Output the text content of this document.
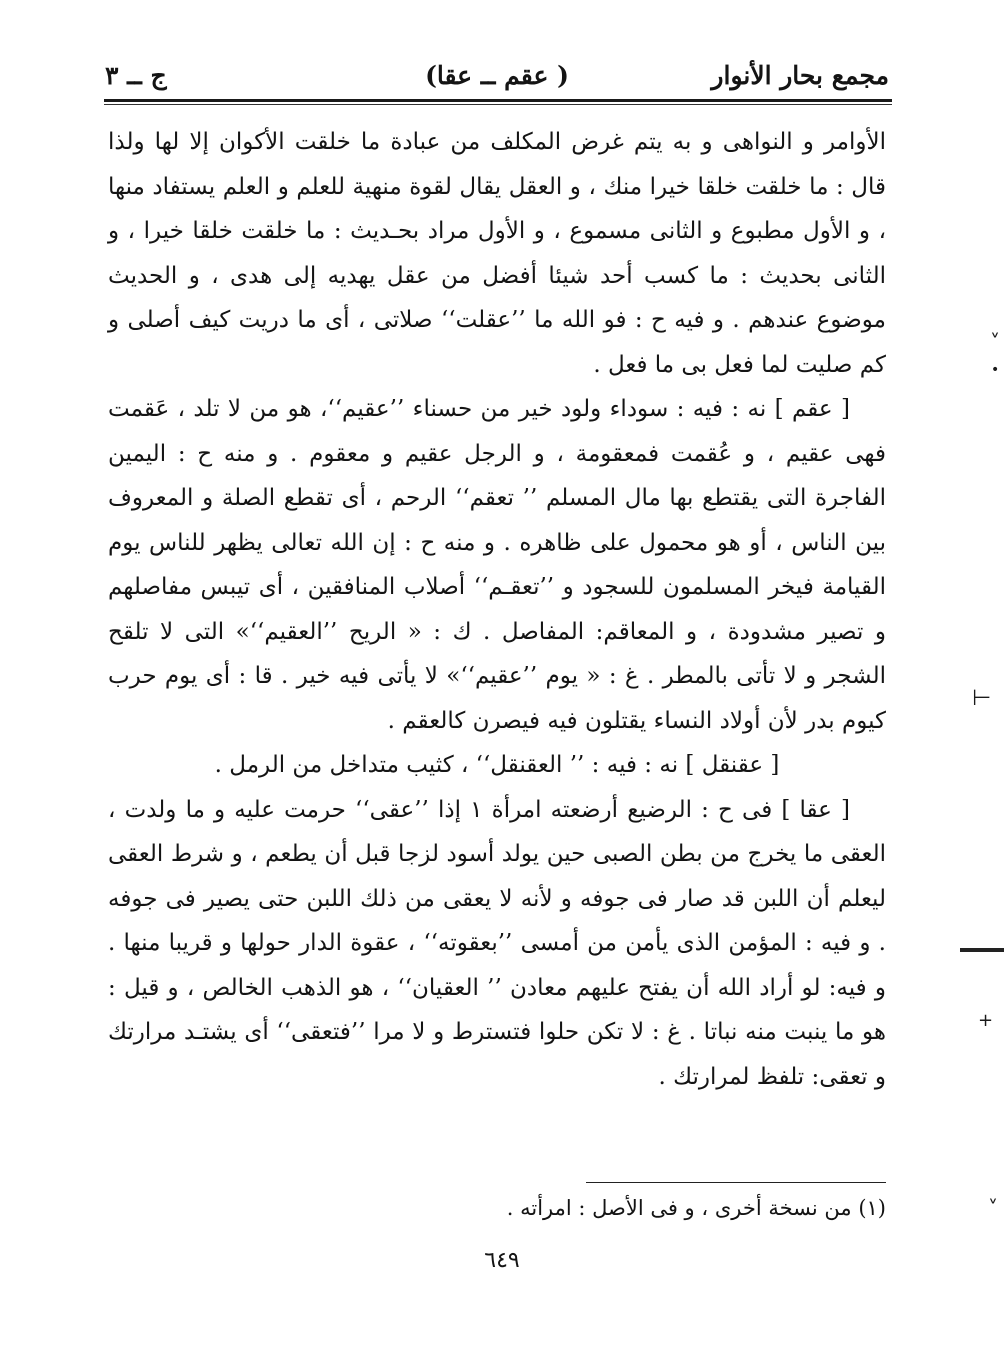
مجمع بحار الأنوار
( عقم ــ عقا)
ج ــ ٣

الأوامر و النواهى و به يتم غرض المكلف من عبادة ما خلقت الأكوان إلا لها ولذا قال : ما خلقت خلقا خيرا منك ، و العقل يقال لقوة منهية للعلم و العلم يستفاد منها ، و الأول مطبوع و الثانى مسموع ، و الأول مراد بحـديث : ما خلقت خلقا خيرا ، و الثانى بحديث : ما كسب أحد شيئا أفضل من عقل يهديه إلى هدى ، و الحديث موضوع عندهم . و فيه ح : فو الله ما ’’عقلت‘‘ صلاتى ، أى ما دريت كيف أصلى و كم صليت لما فعل بى ما فعل .

[ عقم ] نه : فيه : سوداء ولود خير من حسناء ’’عقيم‘‘، هو من لا تلد ، عَقمت فهى عقيم ، و عُقمت فمعقومة ، و الرجل عقيم و معقوم . و منه ح : اليمين الفاجرة التى يقتطع بها مال المسلم ’’ تعقم‘‘ الرحم ، أى تقطع الصلة و المعروف بين الناس ، أو هو محمول على ظاهره . و منه ح : إن الله تعالى يظهر للناس يوم القيامة فيخر المسلمون للسجود و ’’تعقـم‘‘ أصلاب المنافقين ، أى تيبس مفاصلهم و تصير مشدودة ، و المعاقم: المفاصل . ك : « الريح ’’العقيم‘‘» التى لا تلقح الشجر و لا تأتى بالمطر . غ : « يوم ’’عقيم‘‘» لا يأتى فيه خير . قا : أى يوم حرب كيوم بدر لأن أولاد النساء يقتلون فيه فيصرن كالعقم .

[ عقنقل ] نه : فيه : ’’ العقنقل‘‘ ، كثيب متداخل من الرمل .

[ عقا ] فى ح : الرضيع أرضعته امرأة ١ إذا ’’عقى‘‘ حرمت عليه و ما ولدت ، العقى ما يخرج من بطن الصبى حين يولد أسود لزجا قبل أن يطعم ، و شرط العقى ليعلم أن اللبن قد صار فى جوفه و لأنه لا يعقى من ذلك اللبن حتى يصير فى جوفه . و فيه : المؤمن الذى يأمن من أمسى ’’بعقوته‘‘ ، عقوة الدار حولها و قريبا منها . و فيه: لو أراد الله أن يفتح عليهم معادن ’’ العقيان‘‘ ، هو الذهب الخالص ، و قيل : هو ما ينبت منه نباتا . غ : لا تكن حلوا فتسترط و لا مرا ’’فتعقى‘‘ أى يشتـد مرارتك و تعقى: تلفظ لمرارتك .

(١) من نسخة أخرى ، و فى الأصل : امرأته .
٦٤٩
˅
•
⊢
+
˅
